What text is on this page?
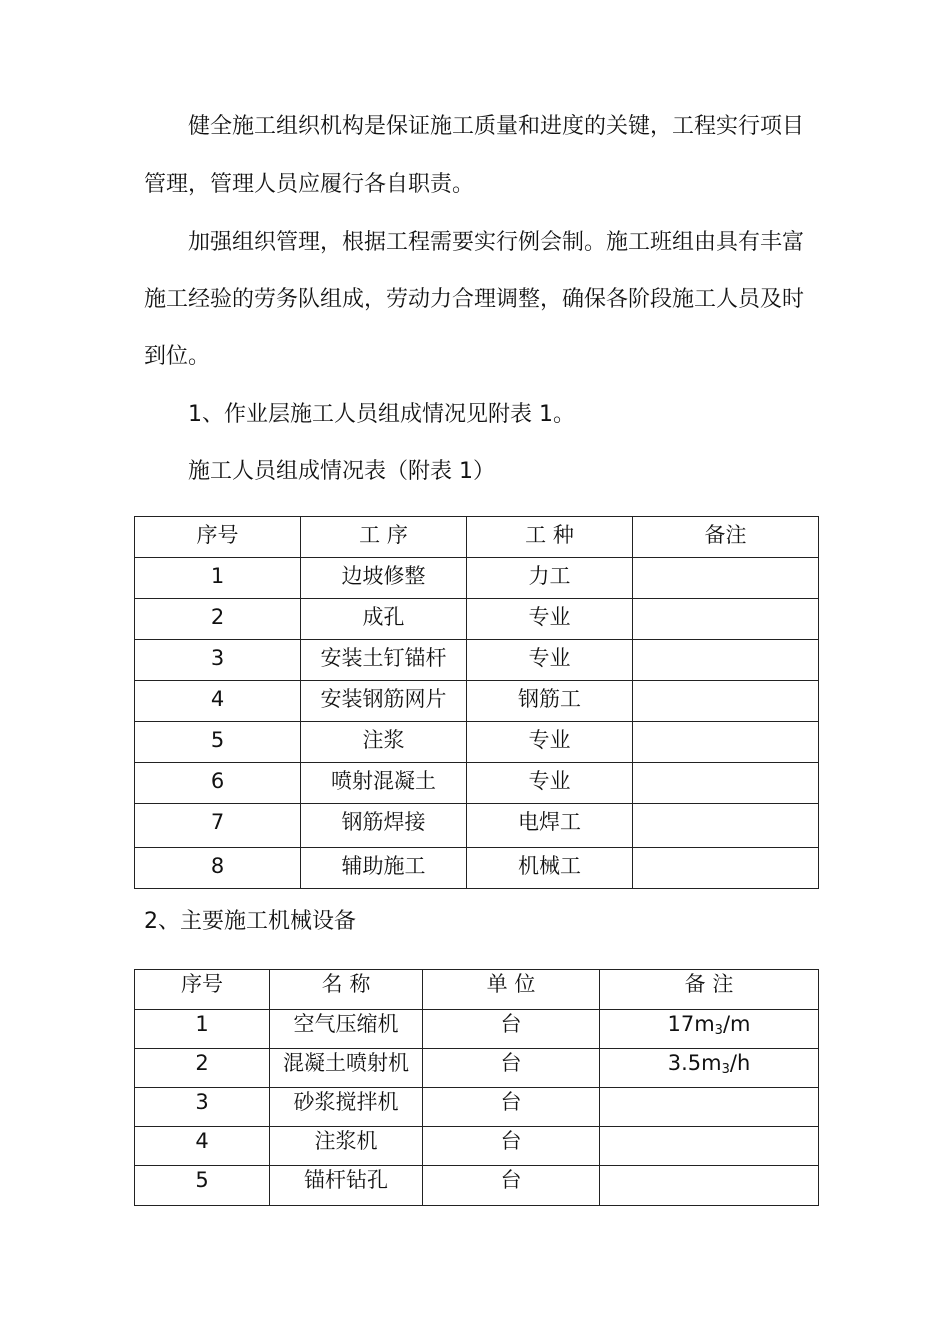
健全施工组织机构是保证施工质量和进度的关键，工程实行项目
管理，管理人员应履行各自职责。
加强组织管理，根据工程需要实行例会制。施工班组由具有丰富
施工经验的劳务队组成，劳动力合理调整，确保各阶段施工人员及时
到位。
1、作业层施工人员组成情况见附表 1。
施工人员组成情况表（附表 1）
序号	工 序	工 种	备注
1	边坡修整	力工	
2	成孔	专业	
3	安装土钉锚杆	专业	
4	安装钢筋网片	钢筋工	
5	注浆	专业	
6	喷射混凝土	专业	
7	钢筋焊接	电焊工	
8	辅助施工	机械工	
2、主要施工机械设备
序号	名 称	单 位	备 注
1	空气压缩机	台	$17m_3/m$
2	混凝土喷射机	台	$3.5m_3/h$
3	砂浆搅拌机	台	
4	注浆机	台	
5	锚杆钻孔	台	
